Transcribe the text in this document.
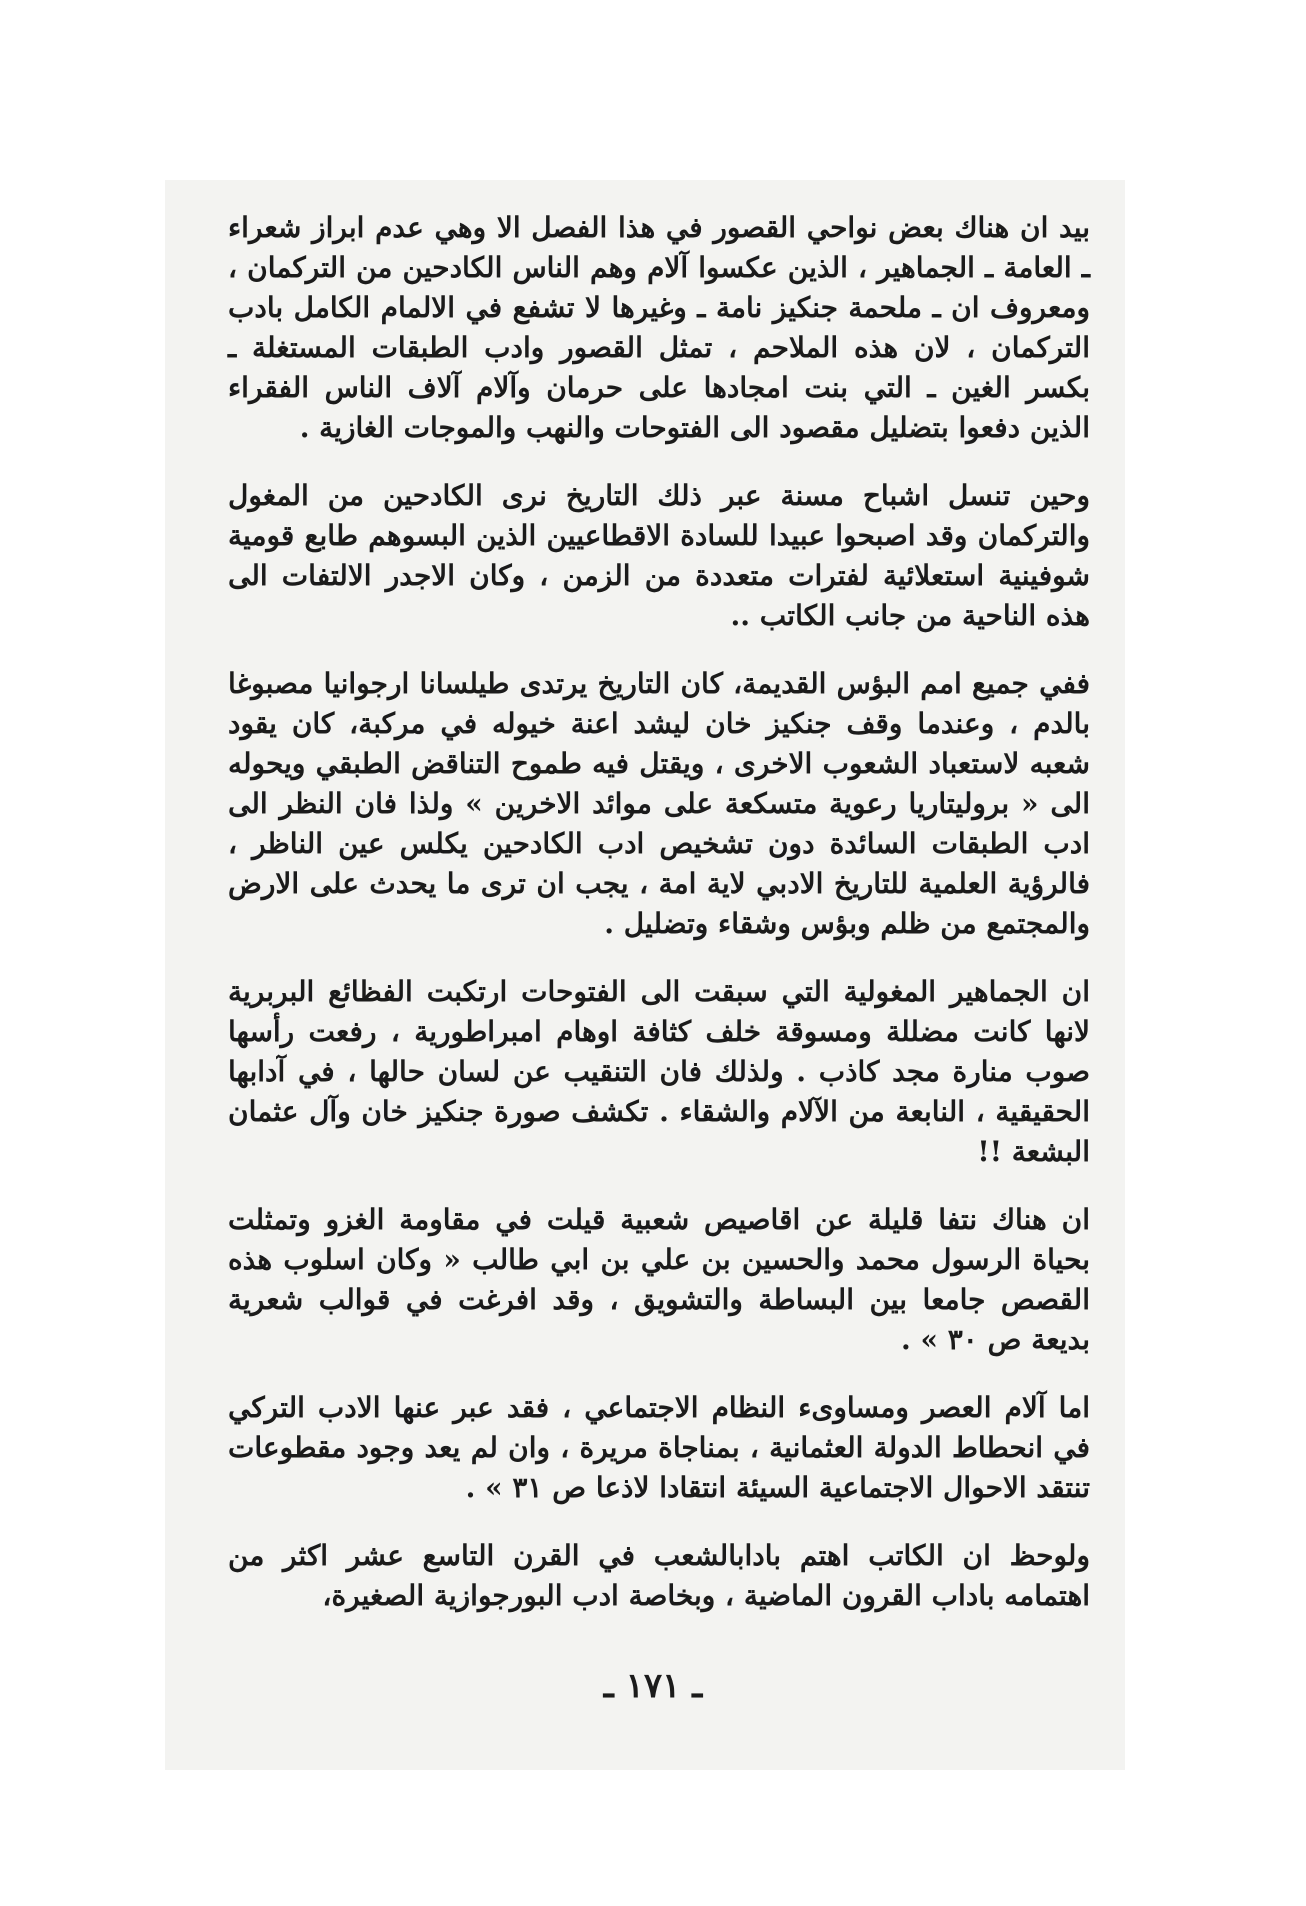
بيد ان هناك بعض نواحي القصور في هذا الفصل الا وهي عدم ابراز شعراء ـ العامة ـ الجماهير ، الذين عكسوا آلام وهم الناس الكادحين من التركمان ، ومعروف ان ـ ملحمة جنكيز نامة ـ وغيرها لا تشفع في الالمام الكامل بادب التركمان ، لان هذه الملاحم ، تمثل القصور وادب الطبقات المستغلة ـ بكسر الغين ـ التي بنت امجادها على حرمان وآلام آلاف الناس الفقراء الذين دفعوا بتضليل مقصود الى الفتوحات والنهب والموجات الغازية .

وحين تنسل اشباح مسنة عبر ذلك التاريخ نرى الكادحين من المغول والتركمان وقد اصبحوا عبيدا للسادة الاقطاعيين الذين البسوهم طابع قومية شوفينية استعلائية لفترات متعددة من الزمن ، وكان الاجدر الالتفات الى هذه الناحية من جانب الكاتب ..

ففي جميع امم البؤس القديمة، كان التاريخ يرتدى طيلسانا ارجوانيا مصبوغا بالدم ، وعندما وقف جنكيز خان ليشد اعنة خيوله في مركبة، كان يقود شعبه لاستعباد الشعوب الاخرى ، ويقتل فيه طموح التناقض الطبقي ويحوله الى « بروليتاريا رعوية متسكعة على موائد الاخرين » ولذا فان النظر الى ادب الطبقات السائدة دون تشخيص ادب الكادحين يكلس عين الناظر ، فالرؤية العلمية للتاريخ الادبي لاية امة ، يجب ان ترى ما يحدث على الارض والمجتمع من ظلم وبؤس وشقاء وتضليل .

ان الجماهير المغولية التي سبقت الى الفتوحات ارتكبت الفظائع البربرية لانها كانت مضللة ومسوقة خلف كثافة اوهام امبراطورية ، رفعت رأسها صوب منارة مجد كاذب . ولذلك فان التنقيب عن لسان حالها ، في آدابها الحقيقية ، النابعة من الآلام والشقاء . تكشف صورة جنكيز خان وآل عثمان البشعة !!

ان هناك نتفا قليلة عن اقاصيص شعبية قيلت في مقاومة الغزو وتمثلت بحياة الرسول محمد والحسين بن علي بن ابي طالب « وكان اسلوب هذه القصص جامعا بين البساطة والتشويق ، وقد افرغت في قوالب شعرية بديعة ص ٣٠ » .

اما آلام العصر ومساوىء النظام الاجتماعي ، فقد عبر عنها الادب التركي في انحطاط الدولة العثمانية ، بمناجاة مريرة ، وان لم يعد وجود مقطوعات تنتقد الاحوال الاجتماعية السيئة انتقادا لاذعا ص ٣١ » .

ولوحظ ان الكاتب اهتم بادابالشعب في القرن التاسع عشر اكثر من اهتمامه باداب القرون الماضية ، وبخاصة ادب البورجوازية الصغيرة،

ـ ١٧١ ـ
